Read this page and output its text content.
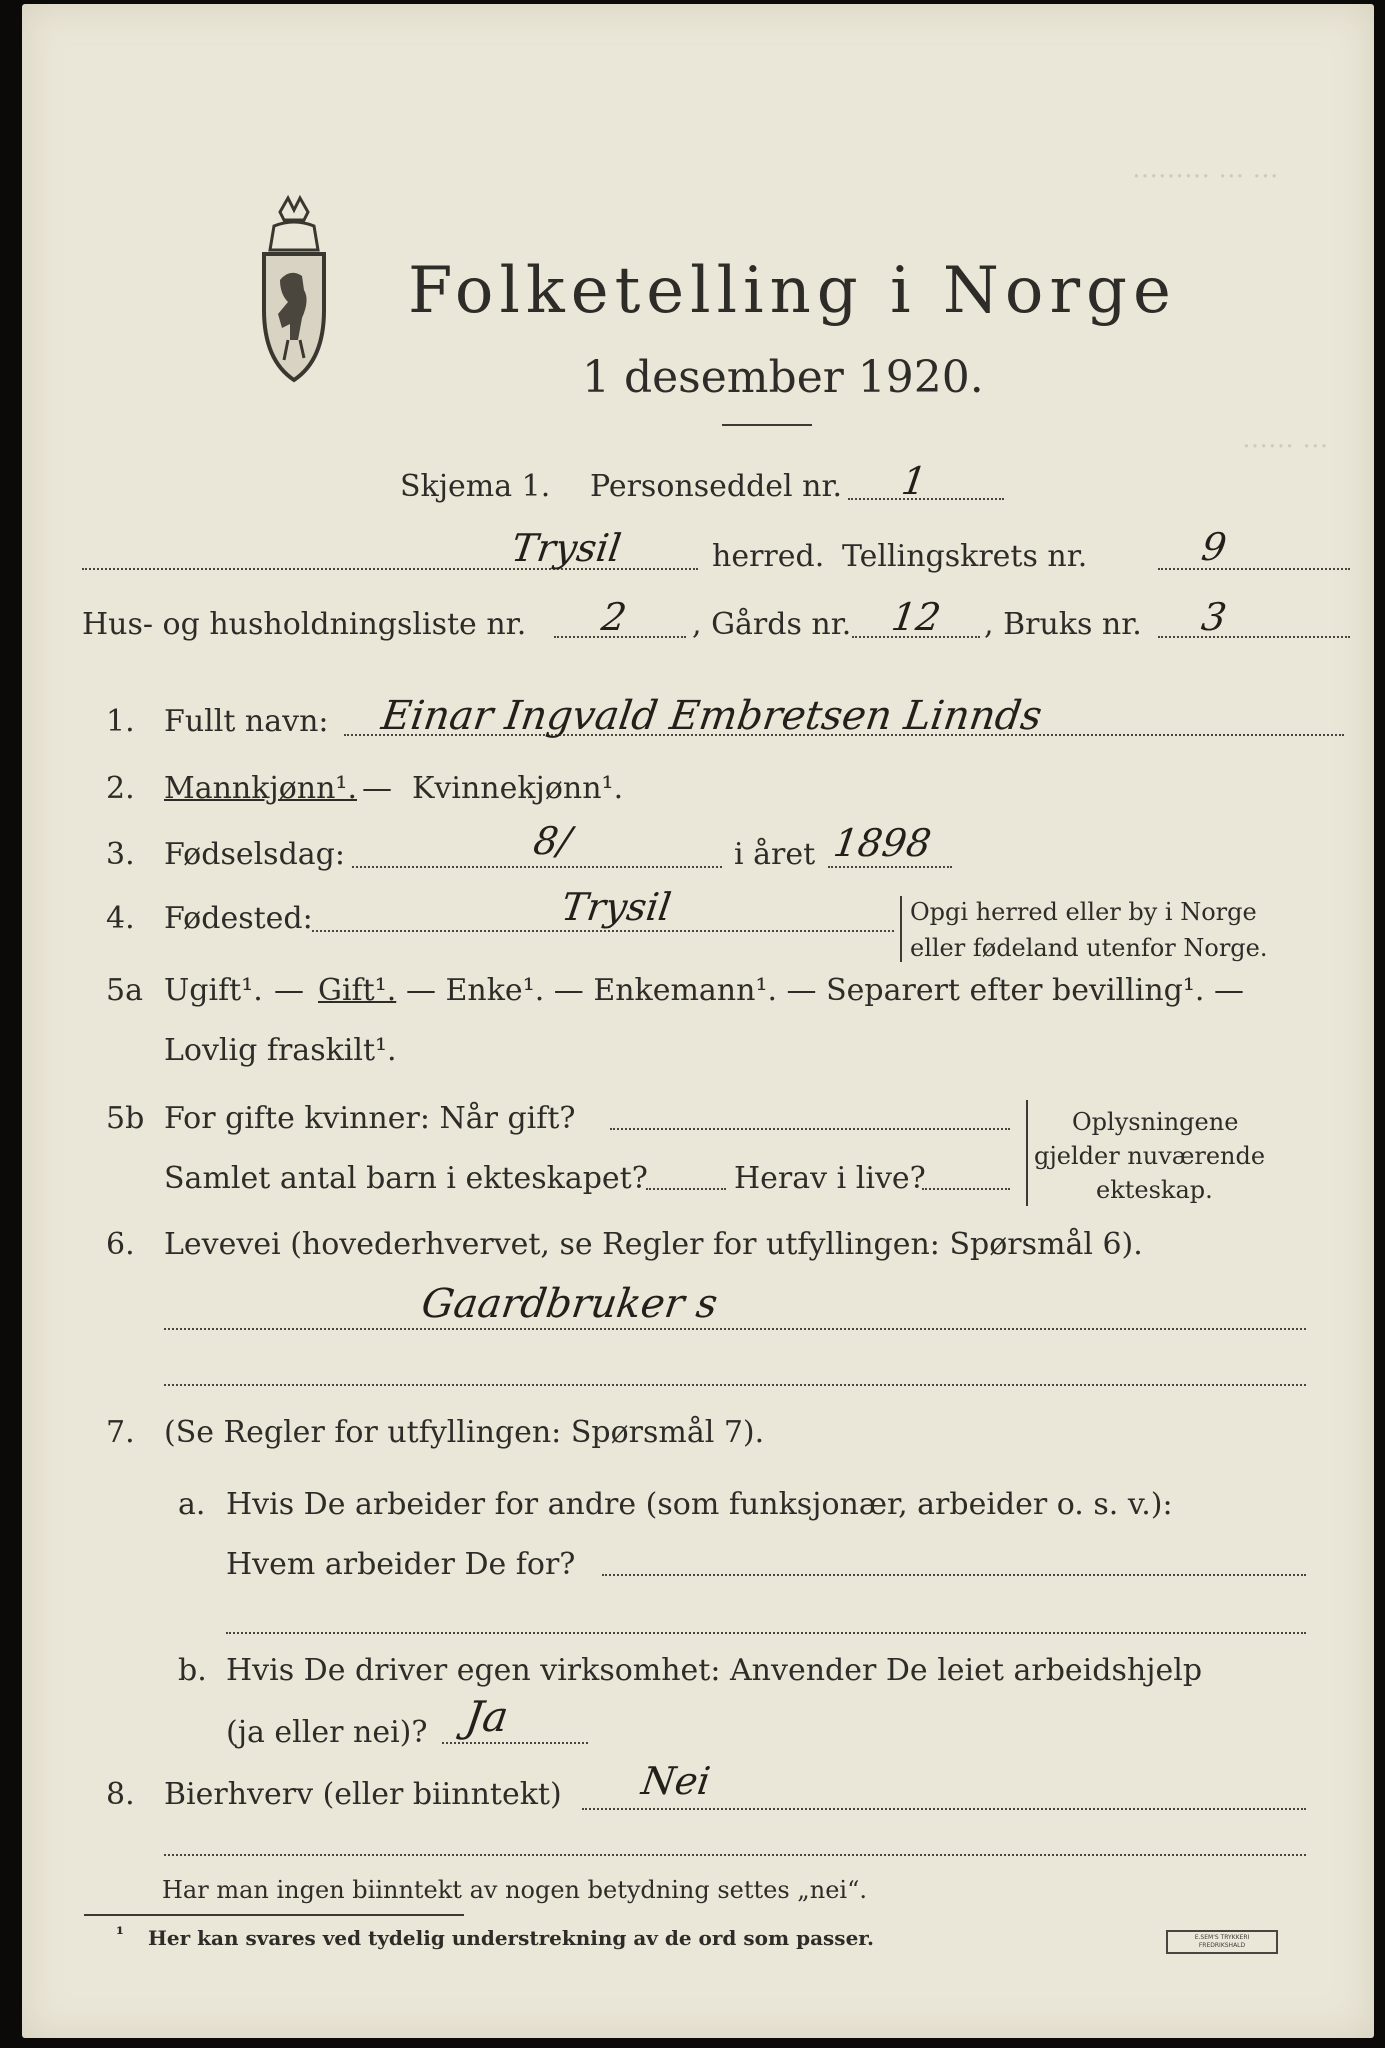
……… … …
…… …
Folketelling i Norge
1 desember 1920.
Skjema 1. Personseddel nr. 1
Trysil	herred. Tellingskrets nr.	9
Hus- og husholdningsliste nr. 2 , Gårds nr. 12 , Bruks nr. 3
1. Fullt navn: Einar Ingvald Embretsen Linnds
2. Mannkjønn¹. — Kvinnekjønn¹.
3. Fødselsdag:	8/	i året 1898
4. Fødested:	Trysil	Opgi herred eller by i Norge
eller fødeland utenfor Norge.
5a Ugift¹. — Gift¹. — Enke¹. — Enkemann¹. — Separert efter bevilling¹. —
Lovlig fraskilt¹.
5b For gifte kvinner: Når gift?
Samlet antal barn i ekteskapet?	Herav i live?
Oplysningene
gjelder nuværende
ekteskap.
6. Levevei (hovederhvervet, se Regler for utfyllingen: Spørsmål 6).
Gaardbruker s
7. (Se Regler for utfyllingen: Spørsmål 7).
a. Hvis De arbeider for andre (som funksjonær, arbeider o. s. v.):
Hvem arbeider De for?
b. Hvis De driver egen virksomhet: Anvender De leiet arbeidshjelp
(ja eller nei)? Ja
8. Bierhverv (eller biinntekt) Nei
Har man ingen biinntekt av nogen betydning settes „nei“.
¹ Her kan svares ved tydelig understrekning av de ord som passer.	E.SEM'S TRYKKERI FREDRIKSHALD
